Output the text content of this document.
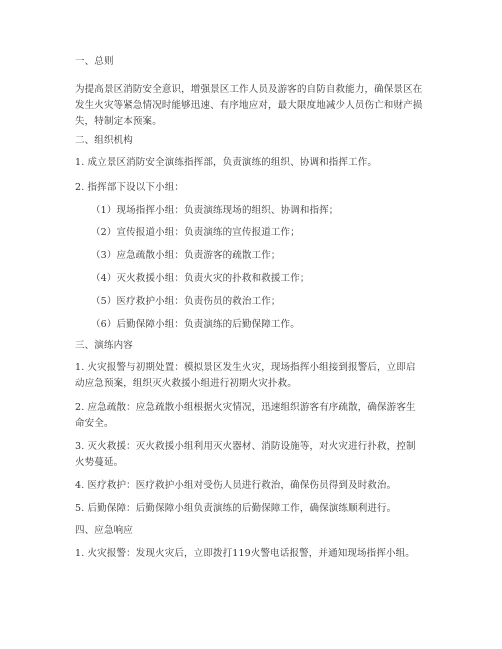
一、总则
为提高景区消防安全意识，增强景区工作人员及游客的自防自救能力，确保景区在
发生火灾等紧急情况时能够迅速、有序地应对，最大限度地减少人员伤亡和财产损
失，特制定本预案。
二、组织机构
1. 成立景区消防安全演练指挥部，负责演练的组织、协调和指挥工作。
2. 指挥部下设以下小组：
（1）现场指挥小组：负责演练现场的组织、协调和指挥；
（2）宣传报道小组：负责演练的宣传报道工作；
（3）应急疏散小组：负责游客的疏散工作；
（4）灭火救援小组：负责火灾的扑救和救援工作；
（5）医疗救护小组：负责伤员的救治工作；
（6）后勤保障小组：负责演练的后勤保障工作。
三、演练内容
1. 火灾报警与初期处置：模拟景区发生火灾，现场指挥小组接到报警后，立即启
动应急预案，组织灭火救援小组进行初期火灾扑救。
2. 应急疏散：应急疏散小组根据火灾情况，迅速组织游客有序疏散，确保游客生
命安全。
3. 灭火救援：灭火救援小组利用灭火器材、消防设施等，对火灾进行扑救，控制
火势蔓延。
4. 医疗救护：医疗救护小组对受伤人员进行救治，确保伤员得到及时救治。
5. 后勤保障：后勤保障小组负责演练的后勤保障工作，确保演练顺利进行。
四、应急响应
1. 火灾报警：发现火灾后，立即拨打119火警电话报警，并通知现场指挥小组。
